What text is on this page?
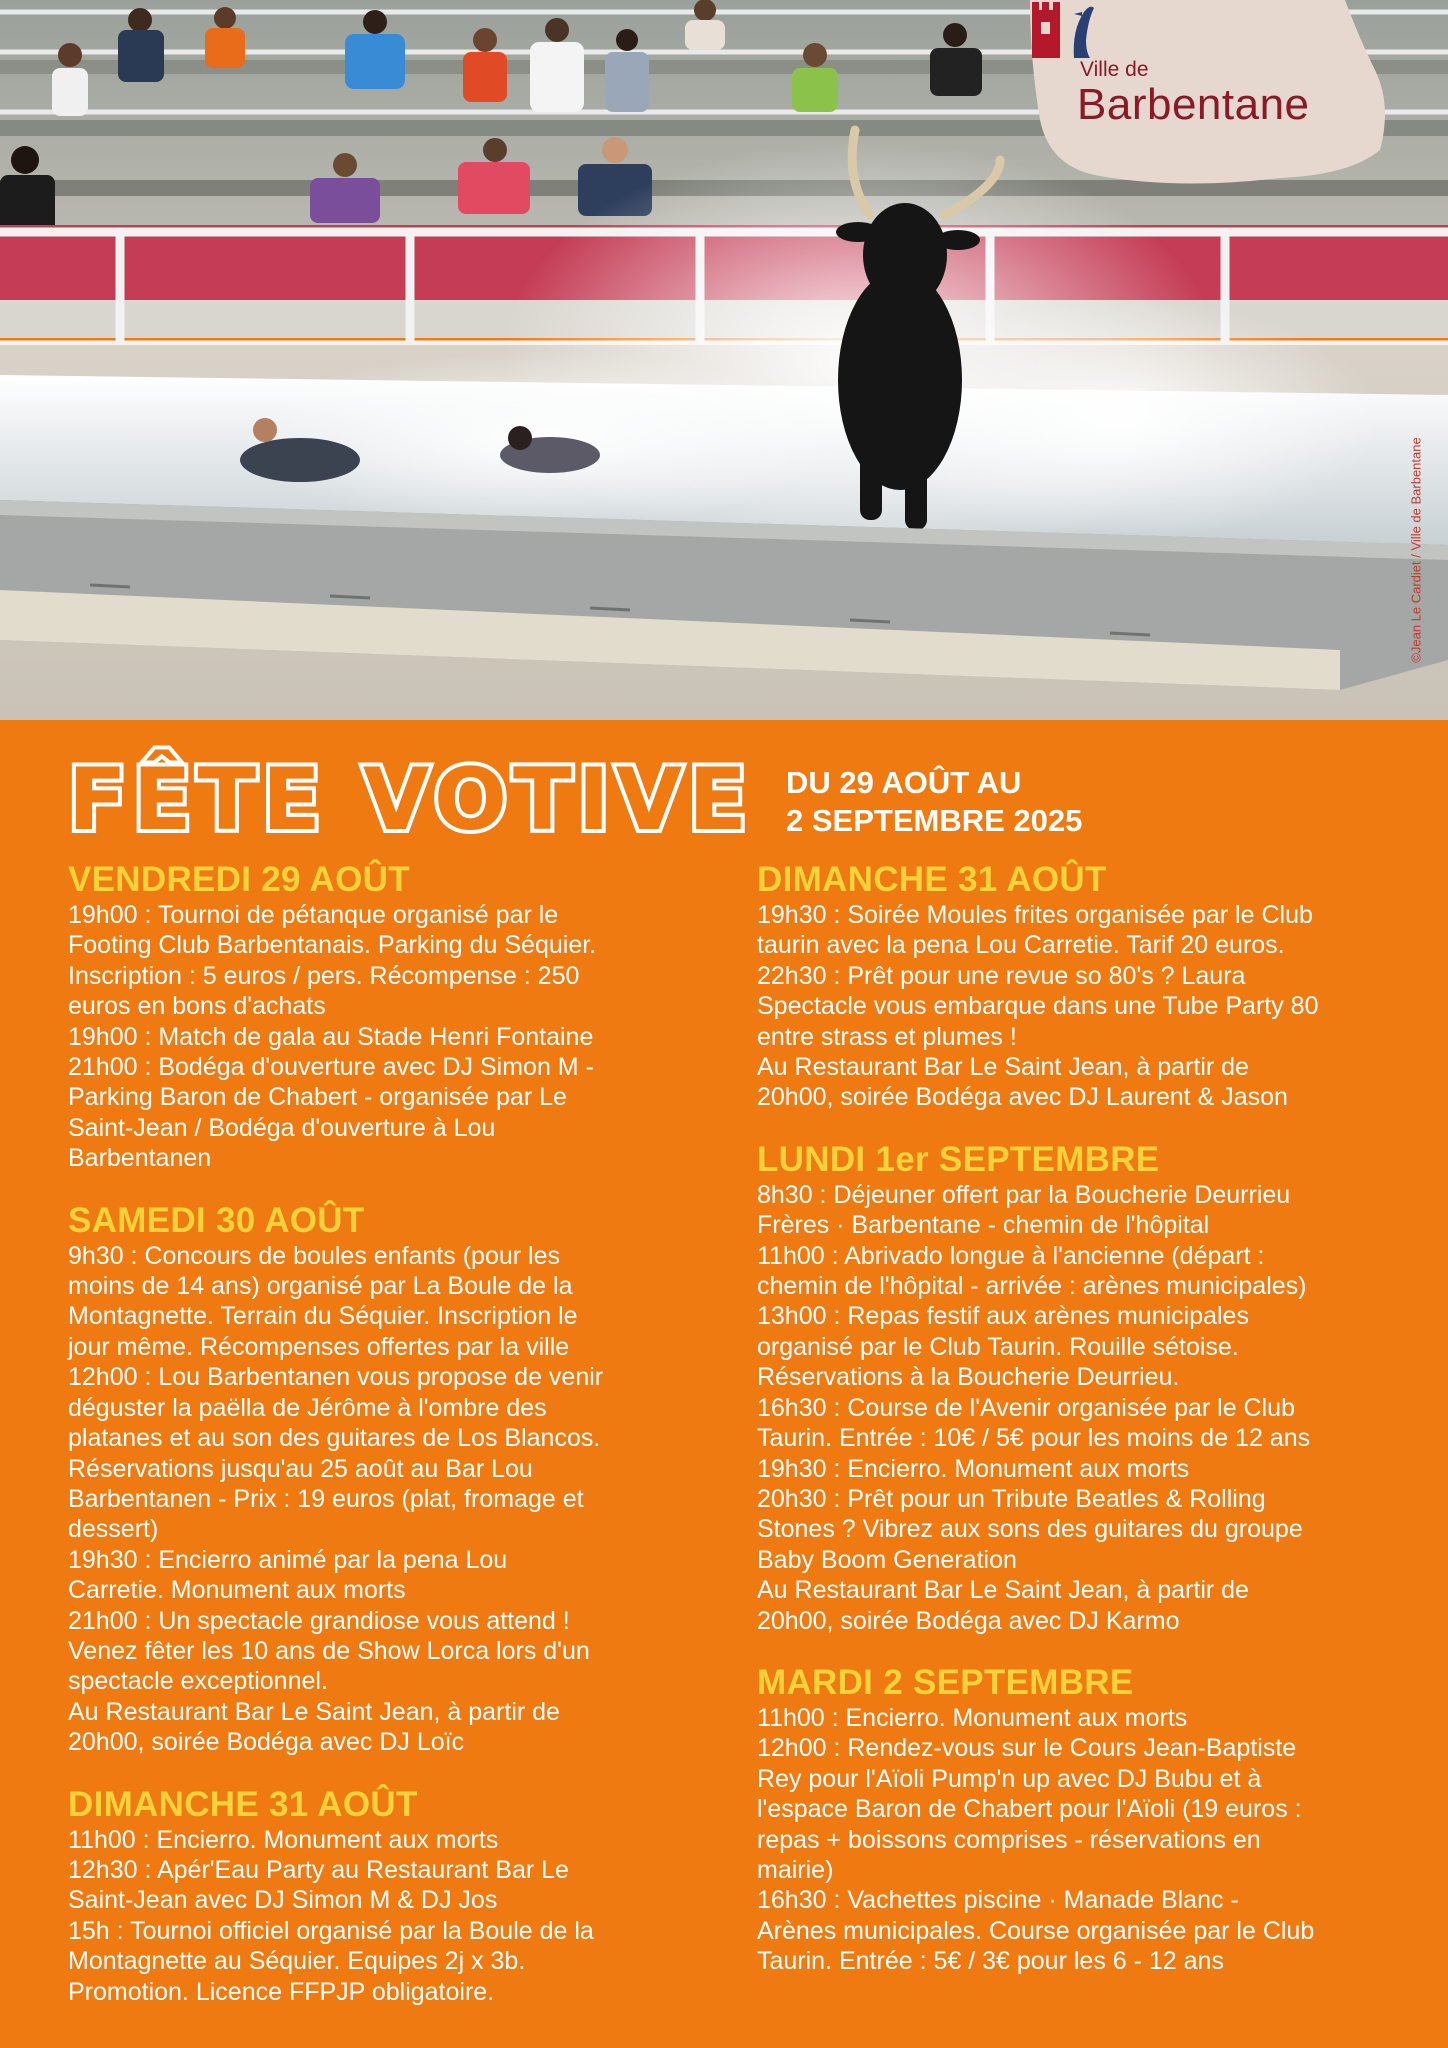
Ville de
Barbentane
©Jean Le Cardiet / Ville de Barbentane
FÊTE VOTIVE DU 29 AOÛT AU
2 SEPTEMBRE 2025
VENDREDI 29 AOÛT
19h00 : Tournoi de pétanque organisé par le
Footing Club Barbentanais. Parking du Séquier.
Inscription : 5 euros / pers. Récompense : 250
euros en bons d'achats
19h00 : Match de gala au Stade Henri Fontaine
21h00 : Bodéga d'ouverture avec DJ Simon M -
Parking Baron de Chabert - organisée par Le
Saint-Jean / Bodéga d'ouverture à Lou
Barbentanen
SAMEDI 30 AOÛT
9h30 : Concours de boules enfants (pour les
moins de 14 ans) organisé par La Boule de la
Montagnette. Terrain du Séquier. Inscription le
jour même. Récompenses offertes par la ville
12h00 : Lou Barbentanen vous propose de venir
déguster la paëlla de Jérôme à l'ombre des
platanes et au son des guitares de Los Blancos.
Réservations jusqu'au 25 août au Bar Lou
Barbentanen - Prix : 19 euros (plat, fromage et
dessert)
19h30 : Encierro animé par la pena Lou
Carretie. Monument aux morts
21h00 : Un spectacle grandiose vous attend !
Venez fêter les 10 ans de Show Lorca lors d'un
spectacle exceptionnel.
Au Restaurant Bar Le Saint Jean, à partir de
20h00, soirée Bodéga avec DJ Loïc
DIMANCHE 31 AOÛT
11h00 : Encierro. Monument aux morts
12h30 : Apér'Eau Party au Restaurant Bar Le
Saint-Jean avec DJ Simon M & DJ Jos
15h : Tournoi officiel organisé par la Boule de la
Montagnette au Séquier. Equipes 2j x 3b.
Promotion. Licence FFPJP obligatoire.
DIMANCHE 31 AOÛT
19h30 : Soirée Moules frites organisée par le Club
taurin avec la pena Lou Carretie. Tarif 20 euros.
22h30 : Prêt pour une revue so 80's ? Laura
Spectacle vous embarque dans une Tube Party 80
entre strass et plumes !
Au Restaurant Bar Le Saint Jean, à partir de
20h00, soirée Bodéga avec DJ Laurent & Jason
LUNDI 1er SEPTEMBRE
8h30 : Déjeuner offert par la Boucherie Deurrieu
Frères · Barbentane - chemin de l'hôpital
11h00 : Abrivado longue à l'ancienne (départ :
chemin de l'hôpital - arrivée : arènes municipales)
13h00 : Repas festif aux arènes municipales
organisé par le Club Taurin. Rouille sétoise.
Réservations à la Boucherie Deurrieu.
16h30 : Course de l'Avenir organisée par le Club
Taurin. Entrée : 10€ / 5€ pour les moins de 12 ans
19h30 : Encierro. Monument aux morts
20h30 : Prêt pour un Tribute Beatles & Rolling
Stones ? Vibrez aux sons des guitares du groupe
Baby Boom Generation
Au Restaurant Bar Le Saint Jean, à partir de
20h00, soirée Bodéga avec DJ Karmo
MARDI 2 SEPTEMBRE
11h00 : Encierro. Monument aux morts
12h00 : Rendez-vous sur le Cours Jean-Baptiste
Rey pour l'Aïoli Pump'n up avec DJ Bubu et à
l'espace Baron de Chabert pour l'Aïoli (19 euros :
repas + boissons comprises - réservations en
mairie)
16h30 : Vachettes piscine · Manade Blanc -
Arènes municipales. Course organisée par le Club
Taurin. Entrée : 5€ / 3€ pour les 6 - 12 ans
